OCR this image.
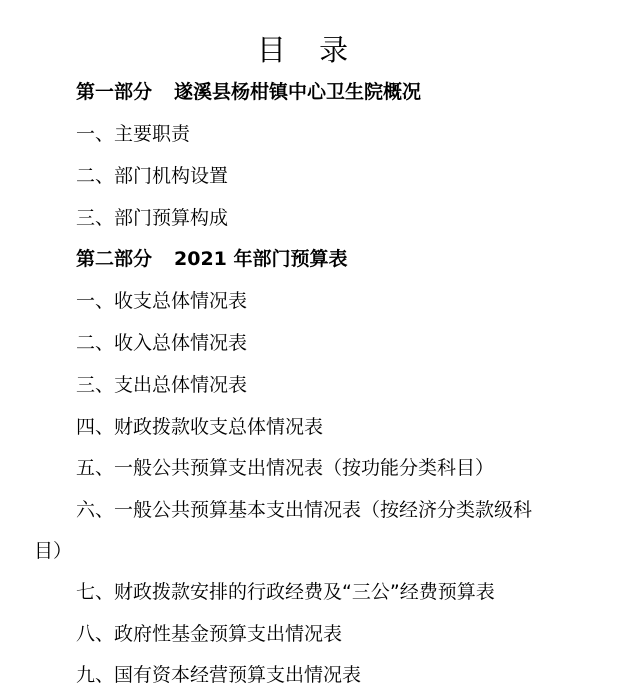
目 录
第一部分 遂溪县杨柑镇中心卫生院概况
一、主要职责
二、部门机构设置
三、部门预算构成
第二部分 2021 年部门预算表
一、收支总体情况表
二、收入总体情况表
三、支出总体情况表
四、财政拨款收支总体情况表
五、一般公共预算支出情况表（按功能分类科目）
六、一般公共预算基本支出情况表（按经济分类款级科
目）
七、财政拨款安排的行政经费及“三公”经费预算表
八、政府性基金预算支出情况表
九、国有资本经营预算支出情况表
